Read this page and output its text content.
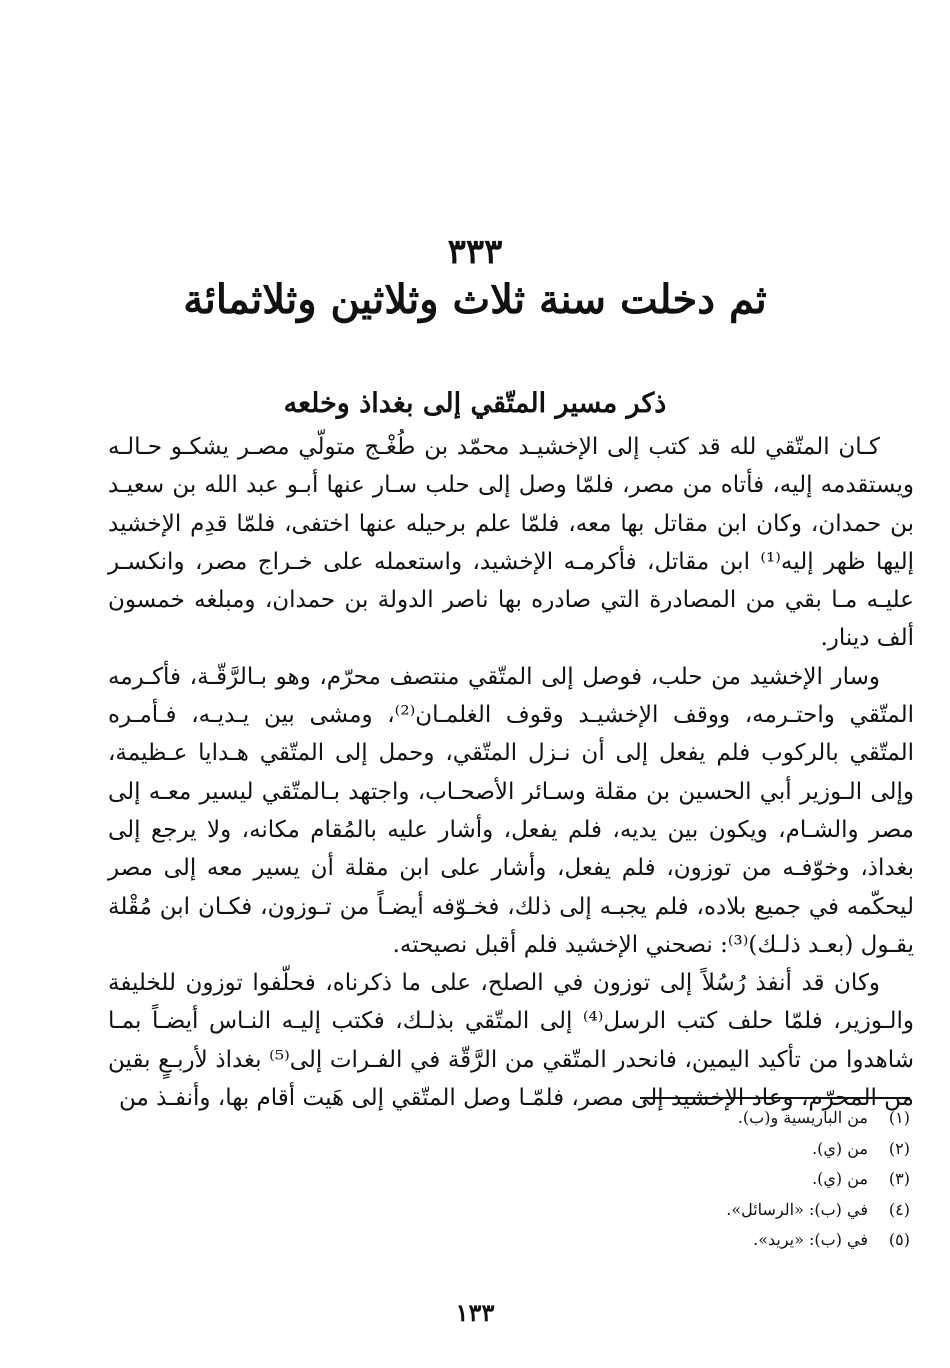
٣٣٣
ثم دخلت سنة ثلاث وثلاثين وثلاثمائة
ذكر مسير المتّقي إلى بغداذ وخلعه

كـان المتّقي لله قد كتب إلى الإخشيـد محمّد بن طُغْـج متولّي مصـر يشكـو حـالـه ويستقدمه إليه، فأتاه من مصر، فلمّا وصل إلى حلب سـار عنها أبـو عبد الله بن سعيـد بن حمدان، وكان ابن مقاتل بها معه، فلمّا علم برحيله عنها اختفى، فلمّا قدِم الإخشيد إليها ظهر إليه⁽¹⁾ ابن مقاتل، فأكرمـه الإخشيد، واستعمله على خـراج مصر، وانكسـر عليـه مـا بقي من المصادرة التي صادره بها ناصر الدولة بن حمدان، ومبلغه خمسون ألف دينار.

وسار الإخشيد من حلب، فوصل إلى المتّقي منتصف محرّم، وهو بـالرَّقّـة، فأكـرمه المتّقي واحتـرمه، ووقف الإخشيـد وقوف الغلمـان⁽²⁾، ومشى بين يـديـه، فـأمـره المتّقي بالركوب فلم يفعل إلى أن نـزل المتّقي، وحمل إلى المتّقي هـدايا عـظيمة، وإلى الـوزير أبي الحسين بن مقلة وسـائر الأصحـاب، واجتهد بـالمتّقي ليسير معـه إلى مصر والشـام، ويكون بين يديه، فلم يفعل، وأشار عليه بالمُقام مكانه، ولا يرجع إلى بغداذ، وخوّفـه من توزون، فلم يفعل، وأشار على ابن مقلة أن يسير معه إلى مصر ليحكّمه في جميع بلاده، فلم يجبـه إلى ذلك، فخـوّفه أيضـاً من تـوزون، فكـان ابن مُقْلة يقـول (بعـد ذلـك)⁽³⁾: نصحني الإخشيد فلم أقبل نصيحته.

وكان قد أنفذ رُسُلاً إلى توزون في الصلح، على ما ذكرناه، فحلّفوا توزون للخليفة والـوزير، فلمّا حلف كتب الرسل⁽⁴⁾ إلى المتّقي بذلـك، فكتب إليـه النـاس أيضـاً بمـا شاهدوا من تأكيد اليمين، فانحدر المتّقي من الرَّقّة في الفـرات إلى⁽⁵⁾ بغداذ لأربـعٍ بقين من المحرّم، وعاد الإخشيد إلى مصر، فلمّـا وصل المتّقي إلى هَيت أقام بها، وأنفـذ من

(١)من الباريسية و(ب).
(٢)من (ي).
(٣)من (ي).
(٤)في (ب): «الرسائل».
(٥)في (ب): «يريد».
١٣٣
